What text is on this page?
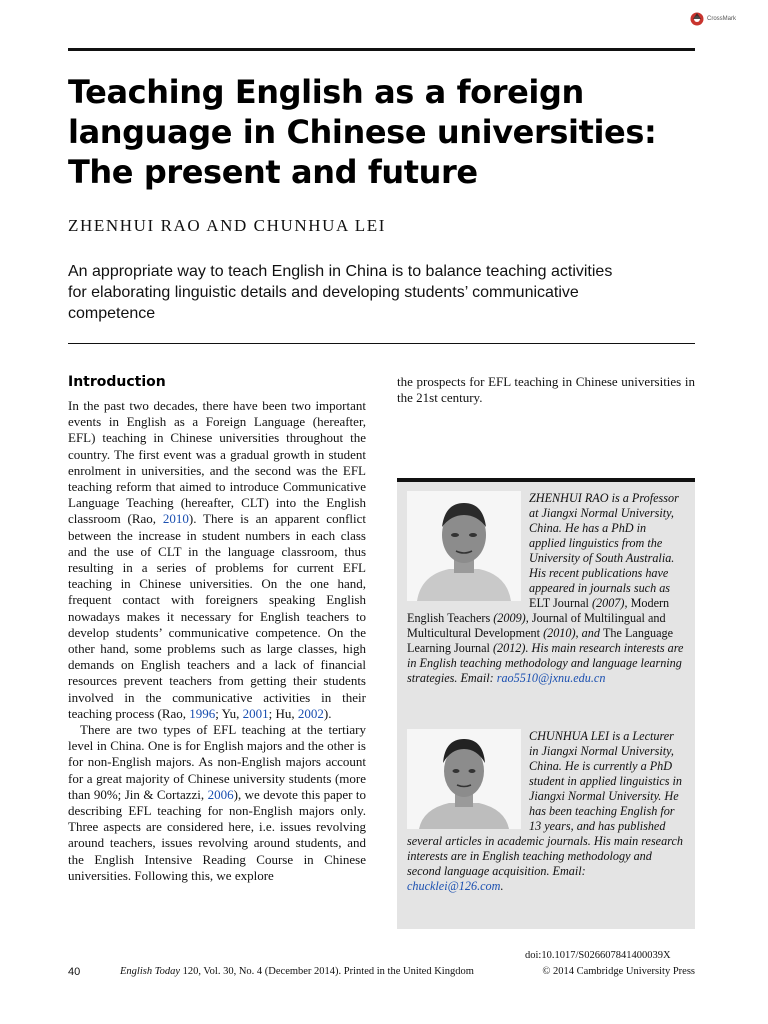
CrossMark
Teaching English as a foreign language in Chinese universities: The present and future
ZHENHUI RAO AND CHUNHUA LEI
An appropriate way to teach English in China is to balance teaching activities for elaborating linguistic details and developing students’ communicative competence
Introduction

In the past two decades, there have been two important events in English as a Foreign Language (hereafter, EFL) teaching in Chinese universities throughout the country. The first event was a gradual growth in student enrolment in universities, and the second was the EFL teaching reform that aimed to introduce Communicative Language Teaching (hereafter, CLT) into the English classroom (Rao, 2010). There is an apparent conflict between the increase in student numbers in each class and the use of CLT in the language classroom, thus resulting in a series of problems for current EFL teaching in Chinese universities. On the one hand, frequent contact with foreigners speaking English nowadays makes it necessary for English teachers to develop students’ communicative competence. On the other hand, some problems such as large classes, high demands on English teachers and a lack of financial resources prevent teachers from getting their students involved in the communicative activities in their teaching process (Rao, 1996; Yu, 2001; Hu, 2002).

There are two types of EFL teaching at the tertiary level in China. One is for English majors and the other is for non-English majors. As non-English majors account for a great majority of Chinese university students (more than 90%; Jin & Cortazzi, 2006), we devote this paper to describing EFL teaching for non-English majors only. Three aspects are considered here, i.e. issues revolving around teachers, issues revolving around students, and the English Intensive Reading Course in Chinese universities. Following this, we explore

the prospects for EFL teaching in Chinese universities in the 21st century.

ZHENHUI RAO is a Professor at Jiangxi Normal University, China. He has a PhD in applied linguistics from the University of South Australia. His recent publications have appeared in journals such as ELT Journal (2007), Modern English Teachers (2009), Journal of Multilingual and Multicultural Development (2010), and The Language Learning Journal (2012). His main research interests are in English teaching methodology and language learning strategies. Email: rao5510@jxnu.edu.cn
CHUNHUA LEI is a Lecturer in Jiangxi Normal University, China. He is currently a PhD student in applied linguistics in Jiangxi Normal University. He has been teaching English for 13 years, and has published several articles in academic journals. His main research interests are in English teaching methodology and second language acquisition. Email: chucklei@126.com.
doi:10.1017/S026607841400039X
40	English Today 120, Vol. 30, No. 4 (December 2014). Printed in the United Kingdom	© 2014 Cambridge University Press
